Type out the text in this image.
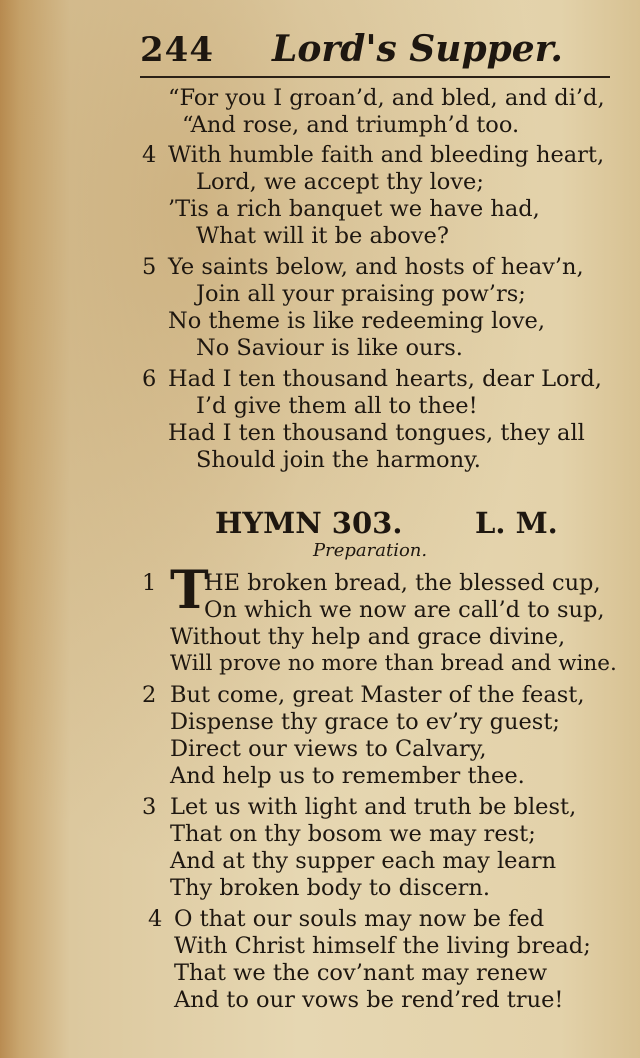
244 Lord's Supper.
“For you I groan’d, and bled, and di’d,
“And rose, and triumph’d too.
4 With humble faith and bleeding heart,
Lord, we accept thy love;
’Tis a rich banquet we have had,
What will it be above?
5 Ye saints below, and hosts of heav’n,
Join all your praising pow’rs;
No theme is like redeeming love,
No Saviour is like ours.
6 Had I ten thousand hearts, dear Lord,
I’d give them all to thee!
Had I ten thousand tongues, they all
Should join the harmony.
HYMN 303.	L. M.
Preparation.
1 T
HE broken bread, the blessed cup,
On which we now are call’d to sup,
Without thy help and grace divine,
Will prove no more than bread and wine.
2 But come, great Master of the feast,
Dispense thy grace to ev’ry guest;
Direct our views to Calvary,
And help us to remember thee.
3 Let us with light and truth be blest,
That on thy bosom we may rest;
And at thy supper each may learn
Thy broken body to discern.
4 O that our souls may now be fed
With Christ himself the living bread;
That we the cov’nant may renew
And to our vows be rend’red true!
